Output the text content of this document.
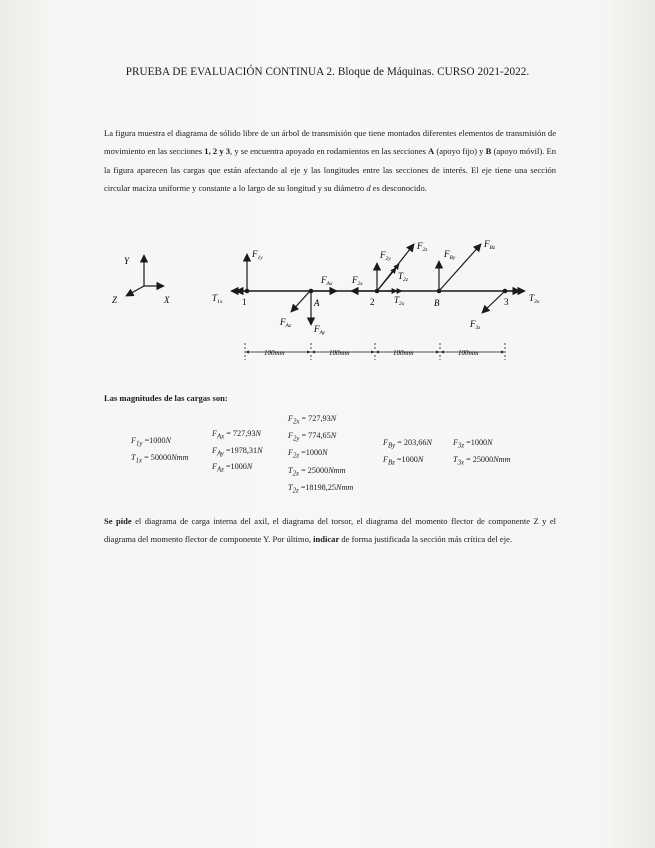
PRUEBA DE EVALUACIÓN CONTINUA 2. Bloque de Máquinas. CURSO 2021-2022.
La figura muestra el diagrama de sólido libre de un árbol de transmisión que tiene montados diferentes elementos de transmisión de movimiento en las secciones 1, 2 y 3, y se encuentra apoyado en rodamientos en las secciones A (apoyo fijo) y B (apoyo móvil). En la figura aparecen las cargas que están afectando al eje y las longitudes entre las secciones de interés. El eje tiene una sección circular maciza uniforme y constante a lo largo de su longitud y su diámetro d es desconocido.
Y
X
Z	1	A	2	B	3
$F_{1y}$
$T_{1x}$
$F_{Ax}$
$F_{Az}$	$F_{Ay}$
$F_{2x}$
$F_{2y}$
$F_{2z}$
$T_{2z}$
$T_{2x}$
$F_{By}$
$F_{Bz}$
$F_{3z}$
$T_{3x}$
100mm	100mm	100mm	100mm
Las magnitudes de las cargas son:
$F_{1y} =1000N$
$T_{1x} = 50000Nmm$
$F_{Ax} = 727,93N$
$F_{Ay} =1978,31N$
$F_{Az} =1000N$
$F_{2x} = 727,93N$
$F_{2y} = 774,65N$
$F_{2z} =1000N$
$T_{2x} = 25000Nmm$
$T_{2z} =18198,25Nmm$
$F_{By} = 203,66N$
$F_{Bz} =1000N$
$F_{3z} =1000N$
$T_{3x} = 25000Nmm$
Se pide el diagrama de carga interna del axil, el diagrama del torsor, el diagrama del momento flector de componente Z y el diagrama del momento flector de componente Y. Por último, indicar de forma justificada la sección más crítica del eje.
